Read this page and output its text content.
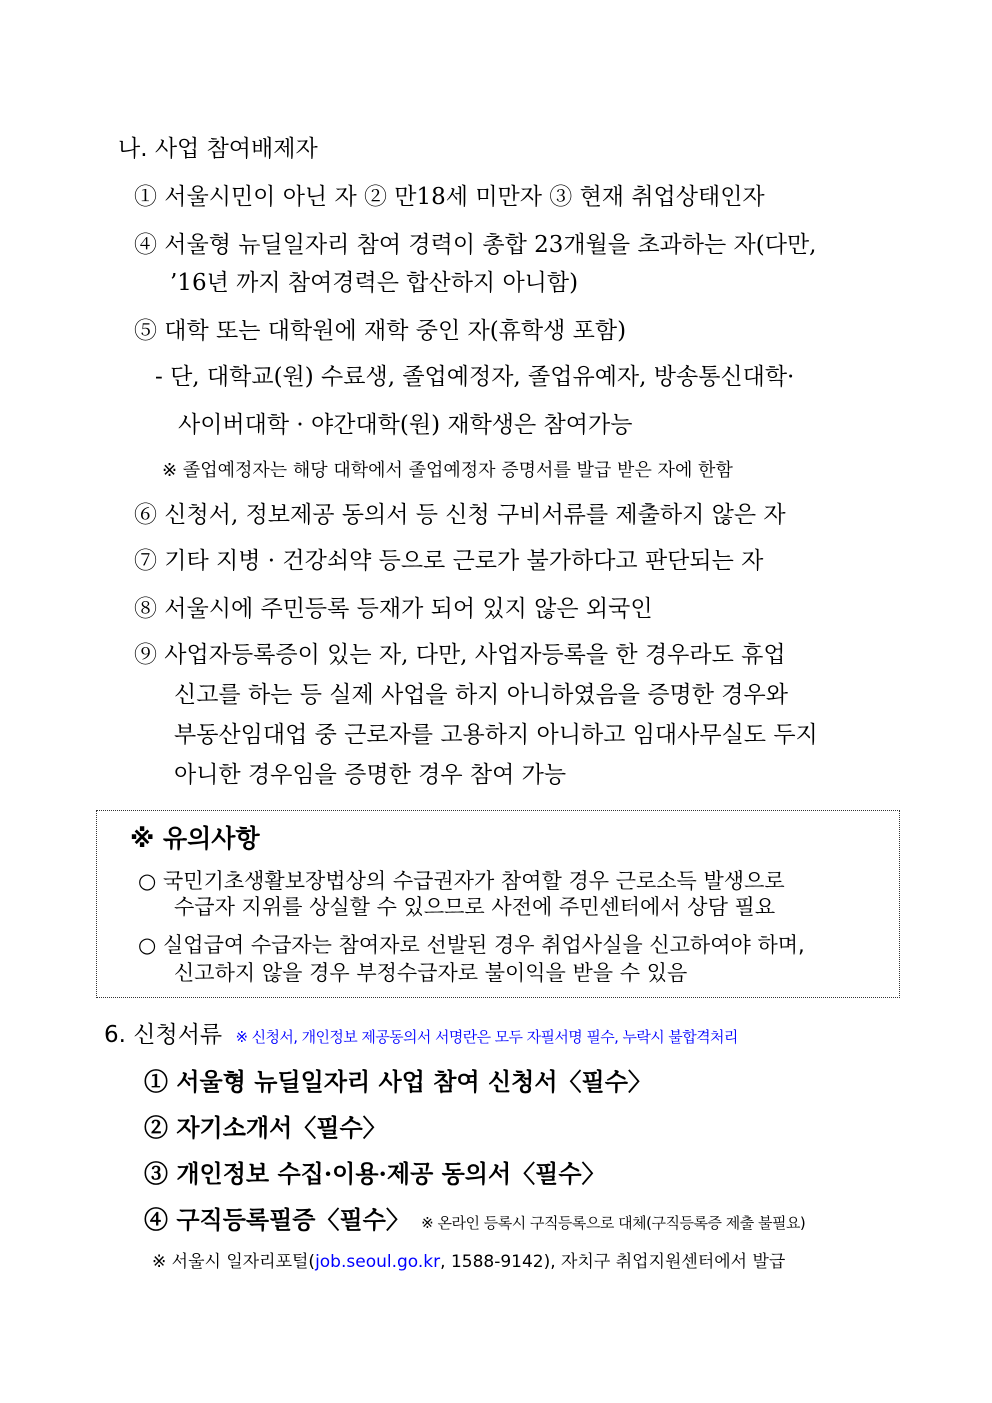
나. 사업 참여배제자
① 서울시민이 아닌 자 ② 만18세 미만자 ③ 현재 취업상태인자
④ 서울형 뉴딜일자리 참여 경력이 총합 23개월을 초과하는 자(다만,
’16년 까지 참여경력은 합산하지 아니함)
⑤ 대학 또는 대학원에 재학 중인 자(휴학생 포함)
- 단, 대학교(원) 수료생, 졸업예정자, 졸업유예자, 방송통신대학·
사이버대학 · 야간대학(원) 재학생은 참여가능
※ 졸업예정자는 해당 대학에서 졸업예정자 증명서를 발급 받은 자에 한함
⑥ 신청서, 정보제공 동의서 등 신청 구비서류를 제출하지 않은 자
⑦ 기타 지병 · 건강쇠약 등으로 근로가 불가하다고 판단되는 자
⑧ 서울시에 주민등록 등재가 되어 있지 않은 외국인
⑨ 사업자등록증이 있는 자, 다만, 사업자등록을 한 경우라도 휴업
신고를 하는 등 실제 사업을 하지 아니하였음을 증명한 경우와
부동산임대업 중 근로자를 고용하지 아니하고 임대사무실도 두지
아니한 경우임을 증명한 경우 참여 가능
※ 유의사항
○ 국민기초생활보장법상의 수급권자가 참여할 경우 근로소득 발생으로
수급자 지위를 상실할 수 있으므로 사전에 주민센터에서 상담 필요
○ 실업급여 수급자는 참여자로 선발된 경우 취업사실을 신고하여야 하며,
신고하지 않을 경우 부정수급자로 불이익을 받을 수 있음
6. 신청서류 ※ 신청서, 개인정보 제공동의서 서명란은 모두 자필서명 필수, 누락시 불합격처리
① 서울형 뉴딜일자리 사업 참여 신청서〈필수〉
② 자기소개서〈필수〉
③ 개인정보 수집·이용·제공 동의서〈필수〉
④ 구직등록필증〈필수〉 ※ 온라인 등록시 구직등록으로 대체(구직등록증 제출 불필요)
※ 서울시 일자리포털(job.seoul.go.kr, 1588-9142), 자치구 취업지원센터에서 발급
